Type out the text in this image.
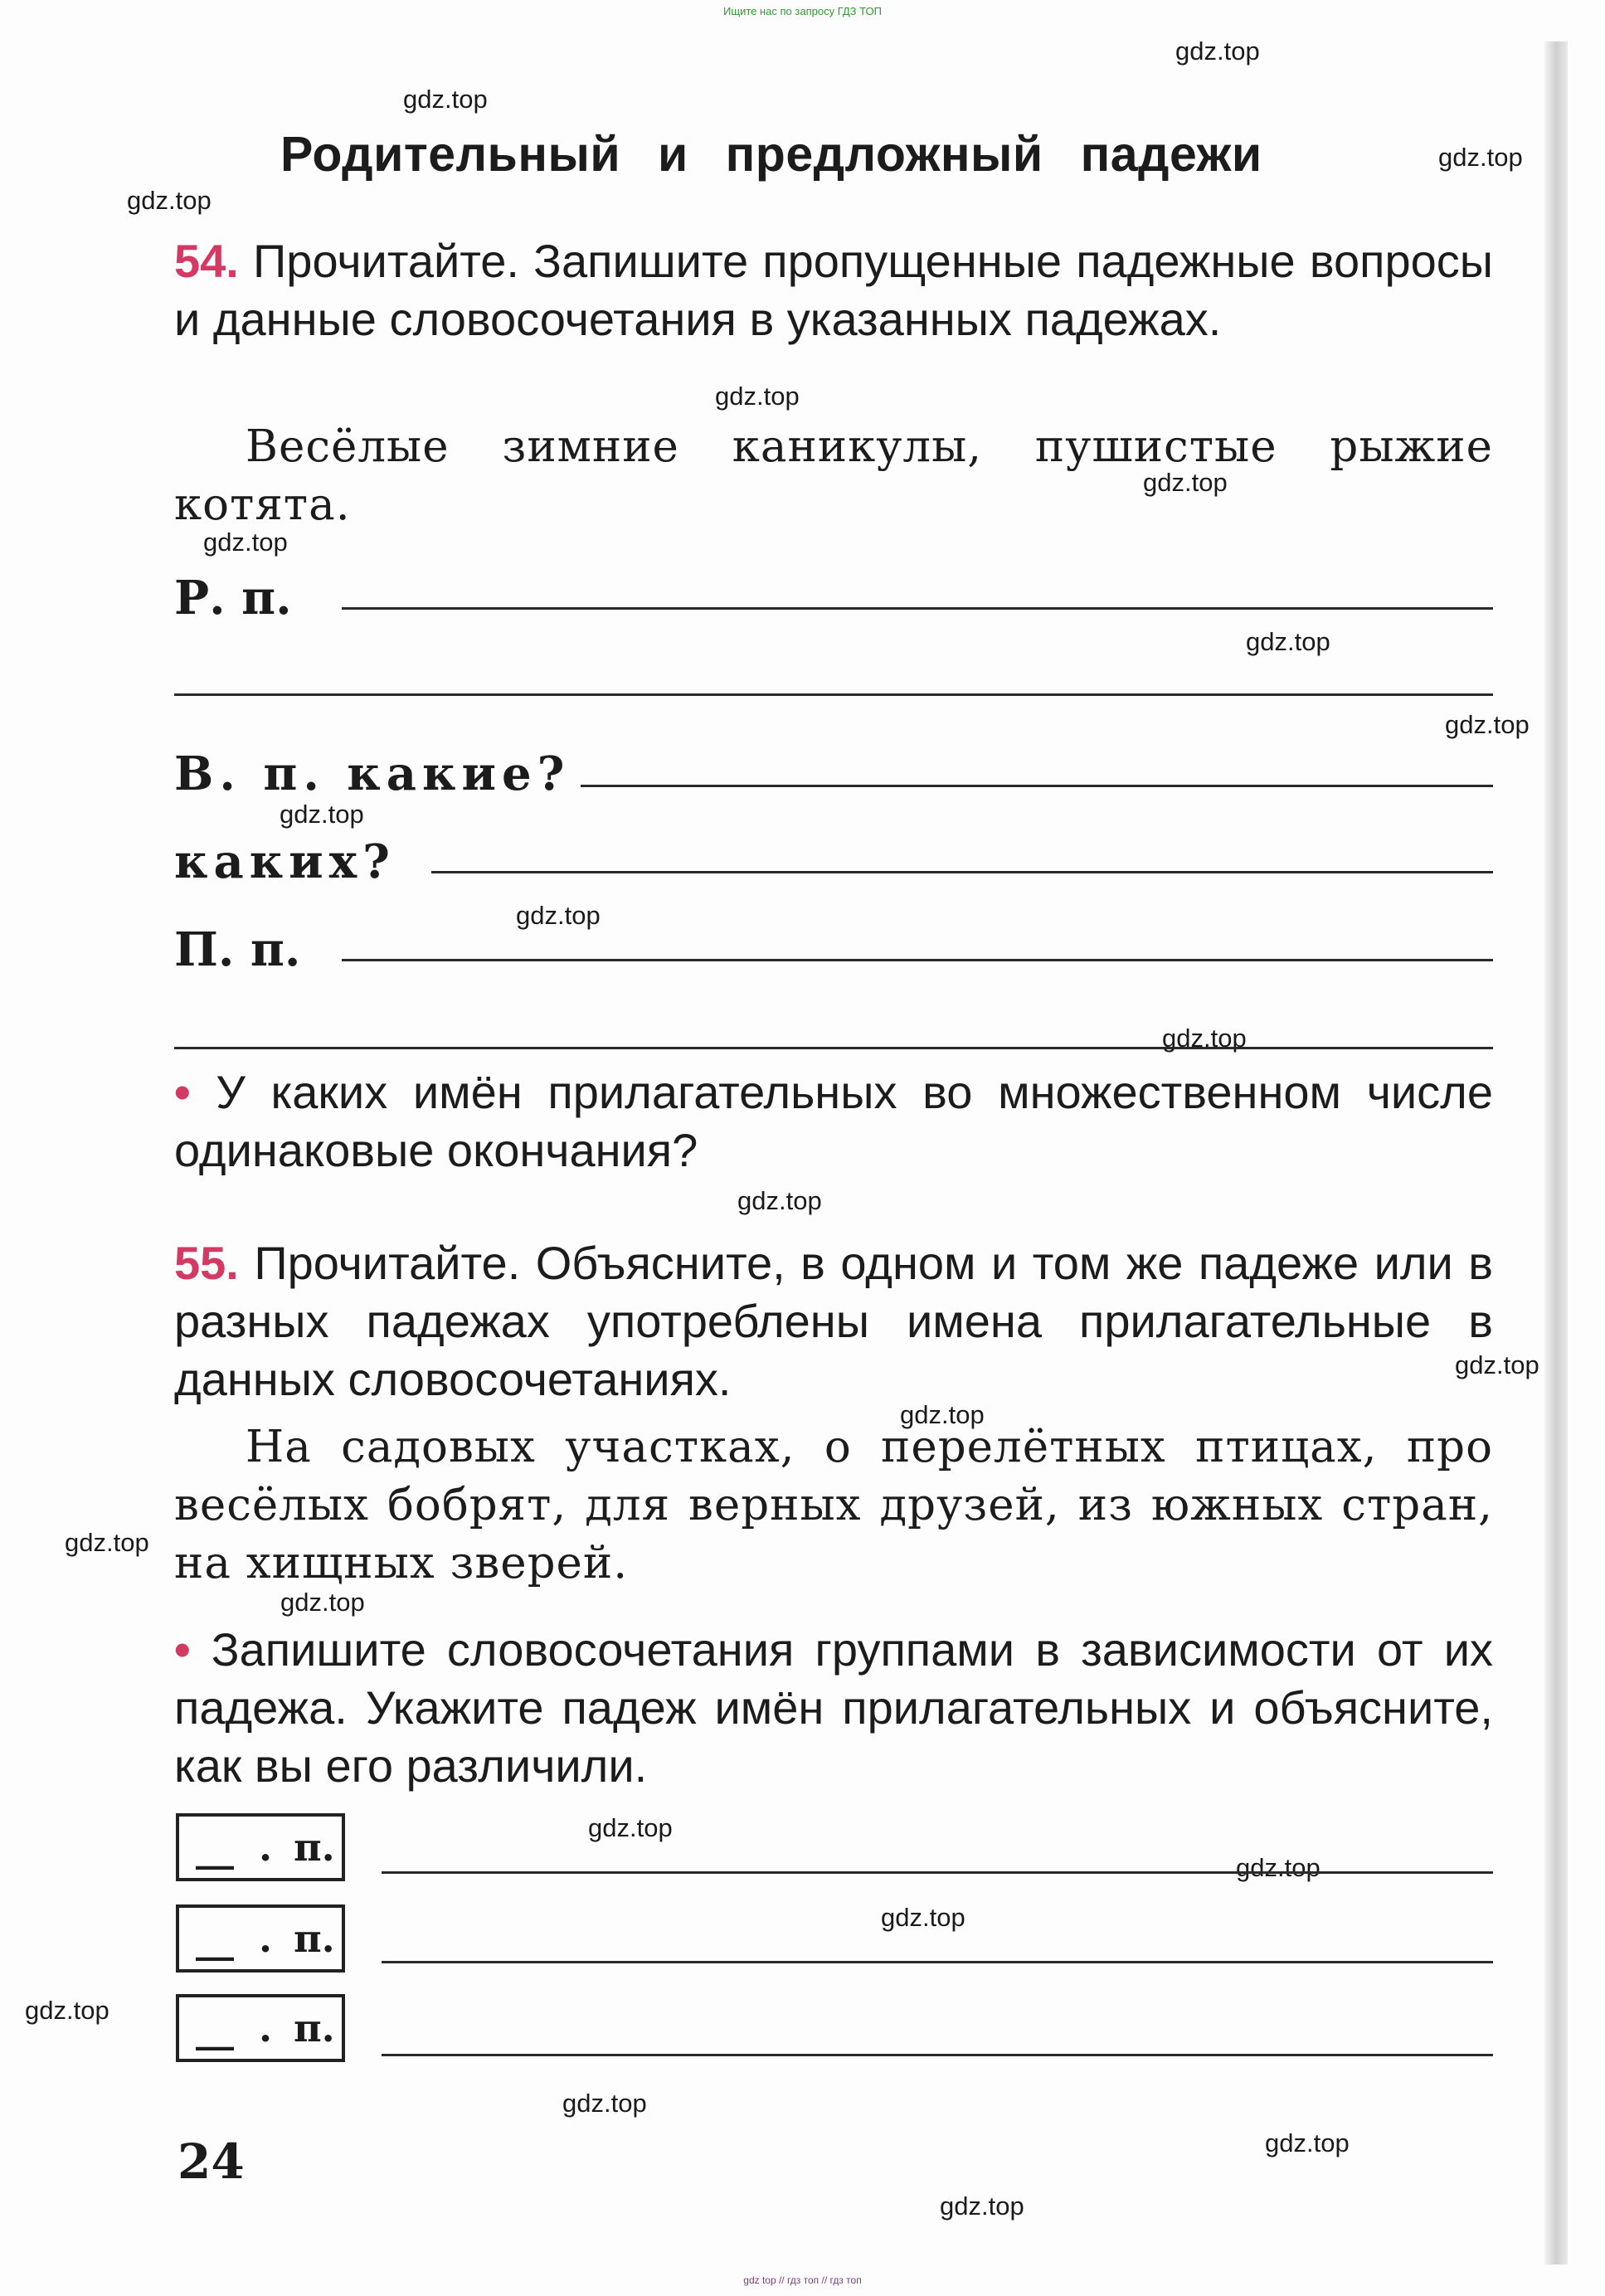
Ищите нас по запросу ГДЗ ТОП
gdz top // гдз топ // гдз топ
gdz.top
gdz.top
gdz.top
gdz.top
gdz.top
gdz.top
gdz.top
gdz.top
gdz.top
gdz.top
gdz.top
gdz.top
gdz.top
gdz.top
gdz.top
gdz.top
gdz.top
gdz.top
gdz.top
gdz.top
gdz.top
gdz.top
gdz.top
gdz.top
Родительный и предложный падежи
54. Прочитайте. Запишите пропущенные падежные вопросы и данные словосочетания в указанных падежах.
Весёлые зимние каникулы, пушистые рыжие котята.
Р. п.
В. п. какие?
каких?
П. п.
• У каких имён прилагательных во множественном числе одинаковые окончания?
55. Прочитайте. Объясните, в одном и том же падеже или в разных падежах употреблены имена прилагательные в данных словосочетаниях.
На садовых участках, о перелётных птицах, про весёлых бобрят, для верных друзей, из южных стран, на хищных зверей.
• Запишите словосочетания группами в зависимости от их падежа. Укажите падеж имён прилагательных и объясните, как вы его различили.
__ . п.
__ . п.
__ . п.
24
